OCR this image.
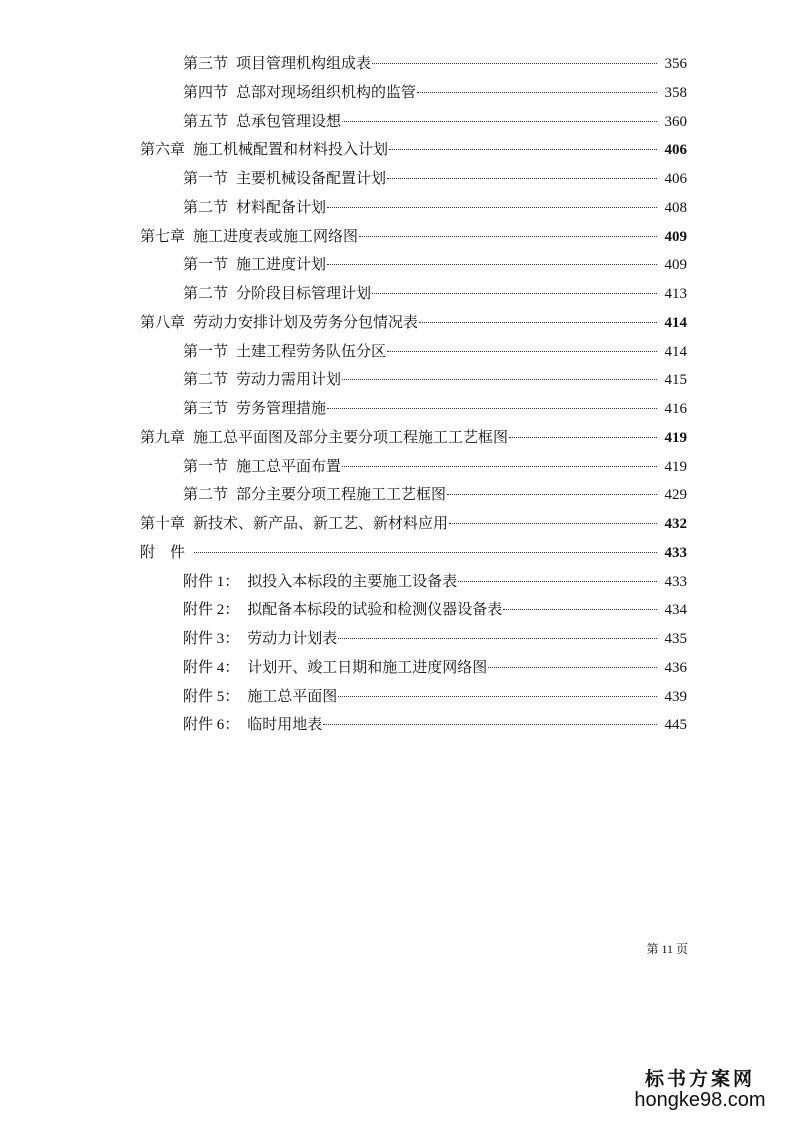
第三节 项目管理机构组成表	356
第四节 总部对现场组织机构的监管	358
第五节 总承包管理设想	360
第六章 施工机械配置和材料投入计划	406
第一节 主要机械设备配置计划	406
第二节 材料配备计划	408
第七章 施工进度表或施工网络图	409
第一节 施工进度计划	409
第二节 分阶段目标管理计划	413
第八章 劳动力安排计划及劳务分包情况表	414
第一节 土建工程劳务队伍分区	414
第二节 劳动力需用计划	415
第三节 劳务管理措施	416
第九章 施工总平面图及部分主要分项工程施工工艺框图	419
第一节 施工总平面布置	419
第二节 部分主要分项工程施工工艺框图	429
第十章 新技术、新产品、新工艺、新材料应用	432
附　件	433
附件 1： 拟投入本标段的主要施工设备表	433
附件 2： 拟配备本标段的试验和检测仪器设备表	434
附件 3： 劳动力计划表	435
附件 4： 计划开、竣工日期和施工进度网络图	436
附件 5： 施工总平面图	439
附件 6： 临时用地表	445
第 11 页
标书方案网
hongke98.com
